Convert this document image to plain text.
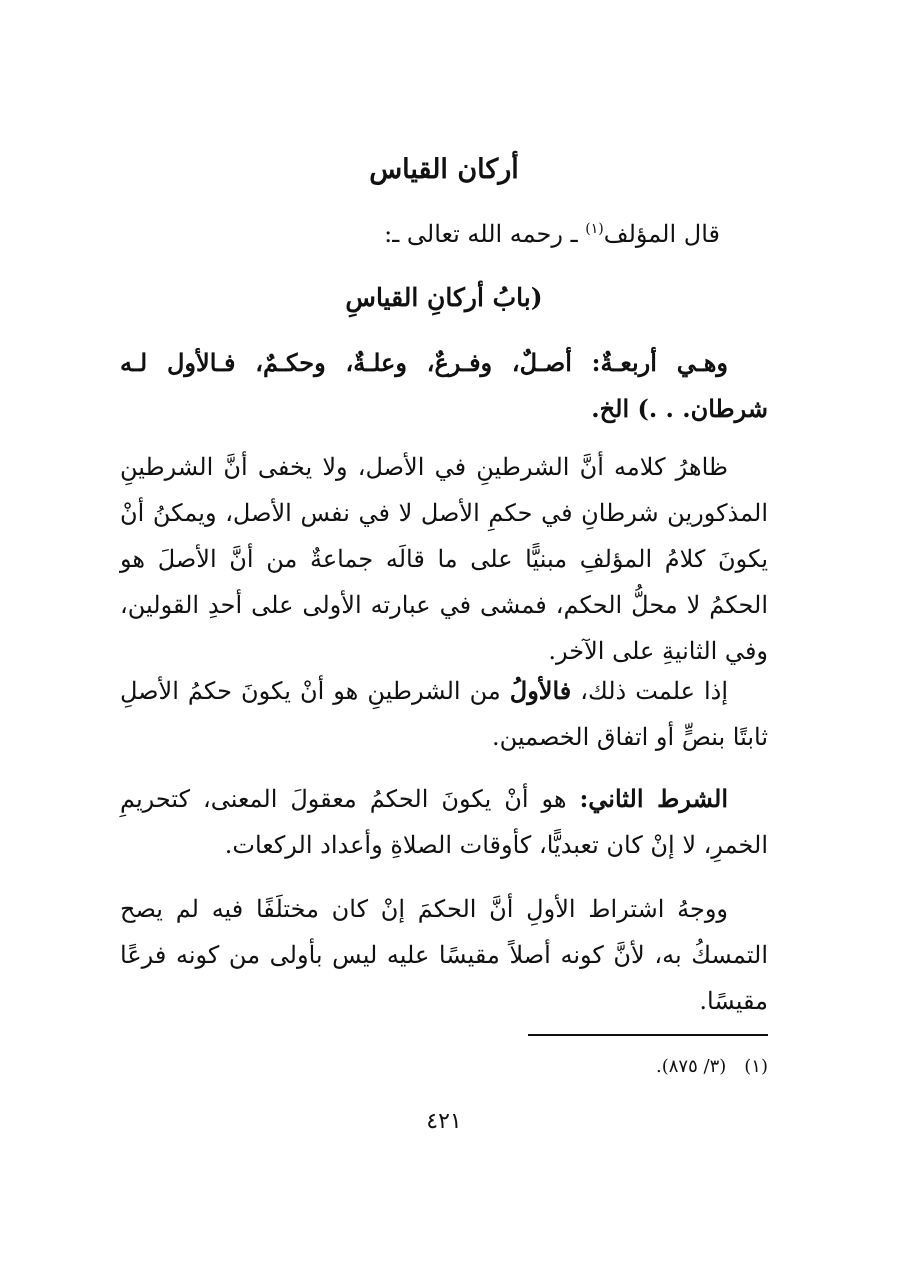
أركان القياس

قال المؤلف$^{(١)}$ ـ رحمه الله تعالى ـ:

(بابُ أركانِ القياسِ

وهـي أربعـةٌ: أصـلٌ، وفـرعٌ، وعلـةٌ، وحكـمٌ، فـالأول لـه شرطان. . .) الخ.

ظاهرُ كلامه أنَّ الشرطينِ في الأصل، ولا يخفى أنَّ الشرطينِ المذكورين شرطانِ في حكمِ الأصل لا في نفس الأصل، ويمكنُ أنْ يكونَ كلامُ المؤلفِ مبنيًّا على ما قالَه جماعةٌ من أنَّ الأصلَ هو الحكمُ لا محلُّ الحكم، فمشى في عبارته الأولى على أحدِ القولين، وفي الثانيةِ على الآخر.

إذا علمت ذلك، فالأولُ من الشرطينِ هو أنْ يكونَ حكمُ الأصلِ ثابتًا بنصٍّ أو اتفاق الخصمين.

الشرط الثاني: هو أنْ يكونَ الحكمُ معقولَ المعنى، كتحريمِ الخمرِ، لا إنْ كان تعبديًّا، كأوقات الصلاةِ وأعداد الركعات.

ووجهُ اشتراط الأولِ أنَّ الحكمَ إنْ كان مختلَفًا فيه لم يصح التمسكُ به، لأنَّ كونه أصلاً مقيسًا عليه ليس بأولى من كونه فرعًا مقيسًا.

(١)(٣/ ٨٧٥).

٤٢١
